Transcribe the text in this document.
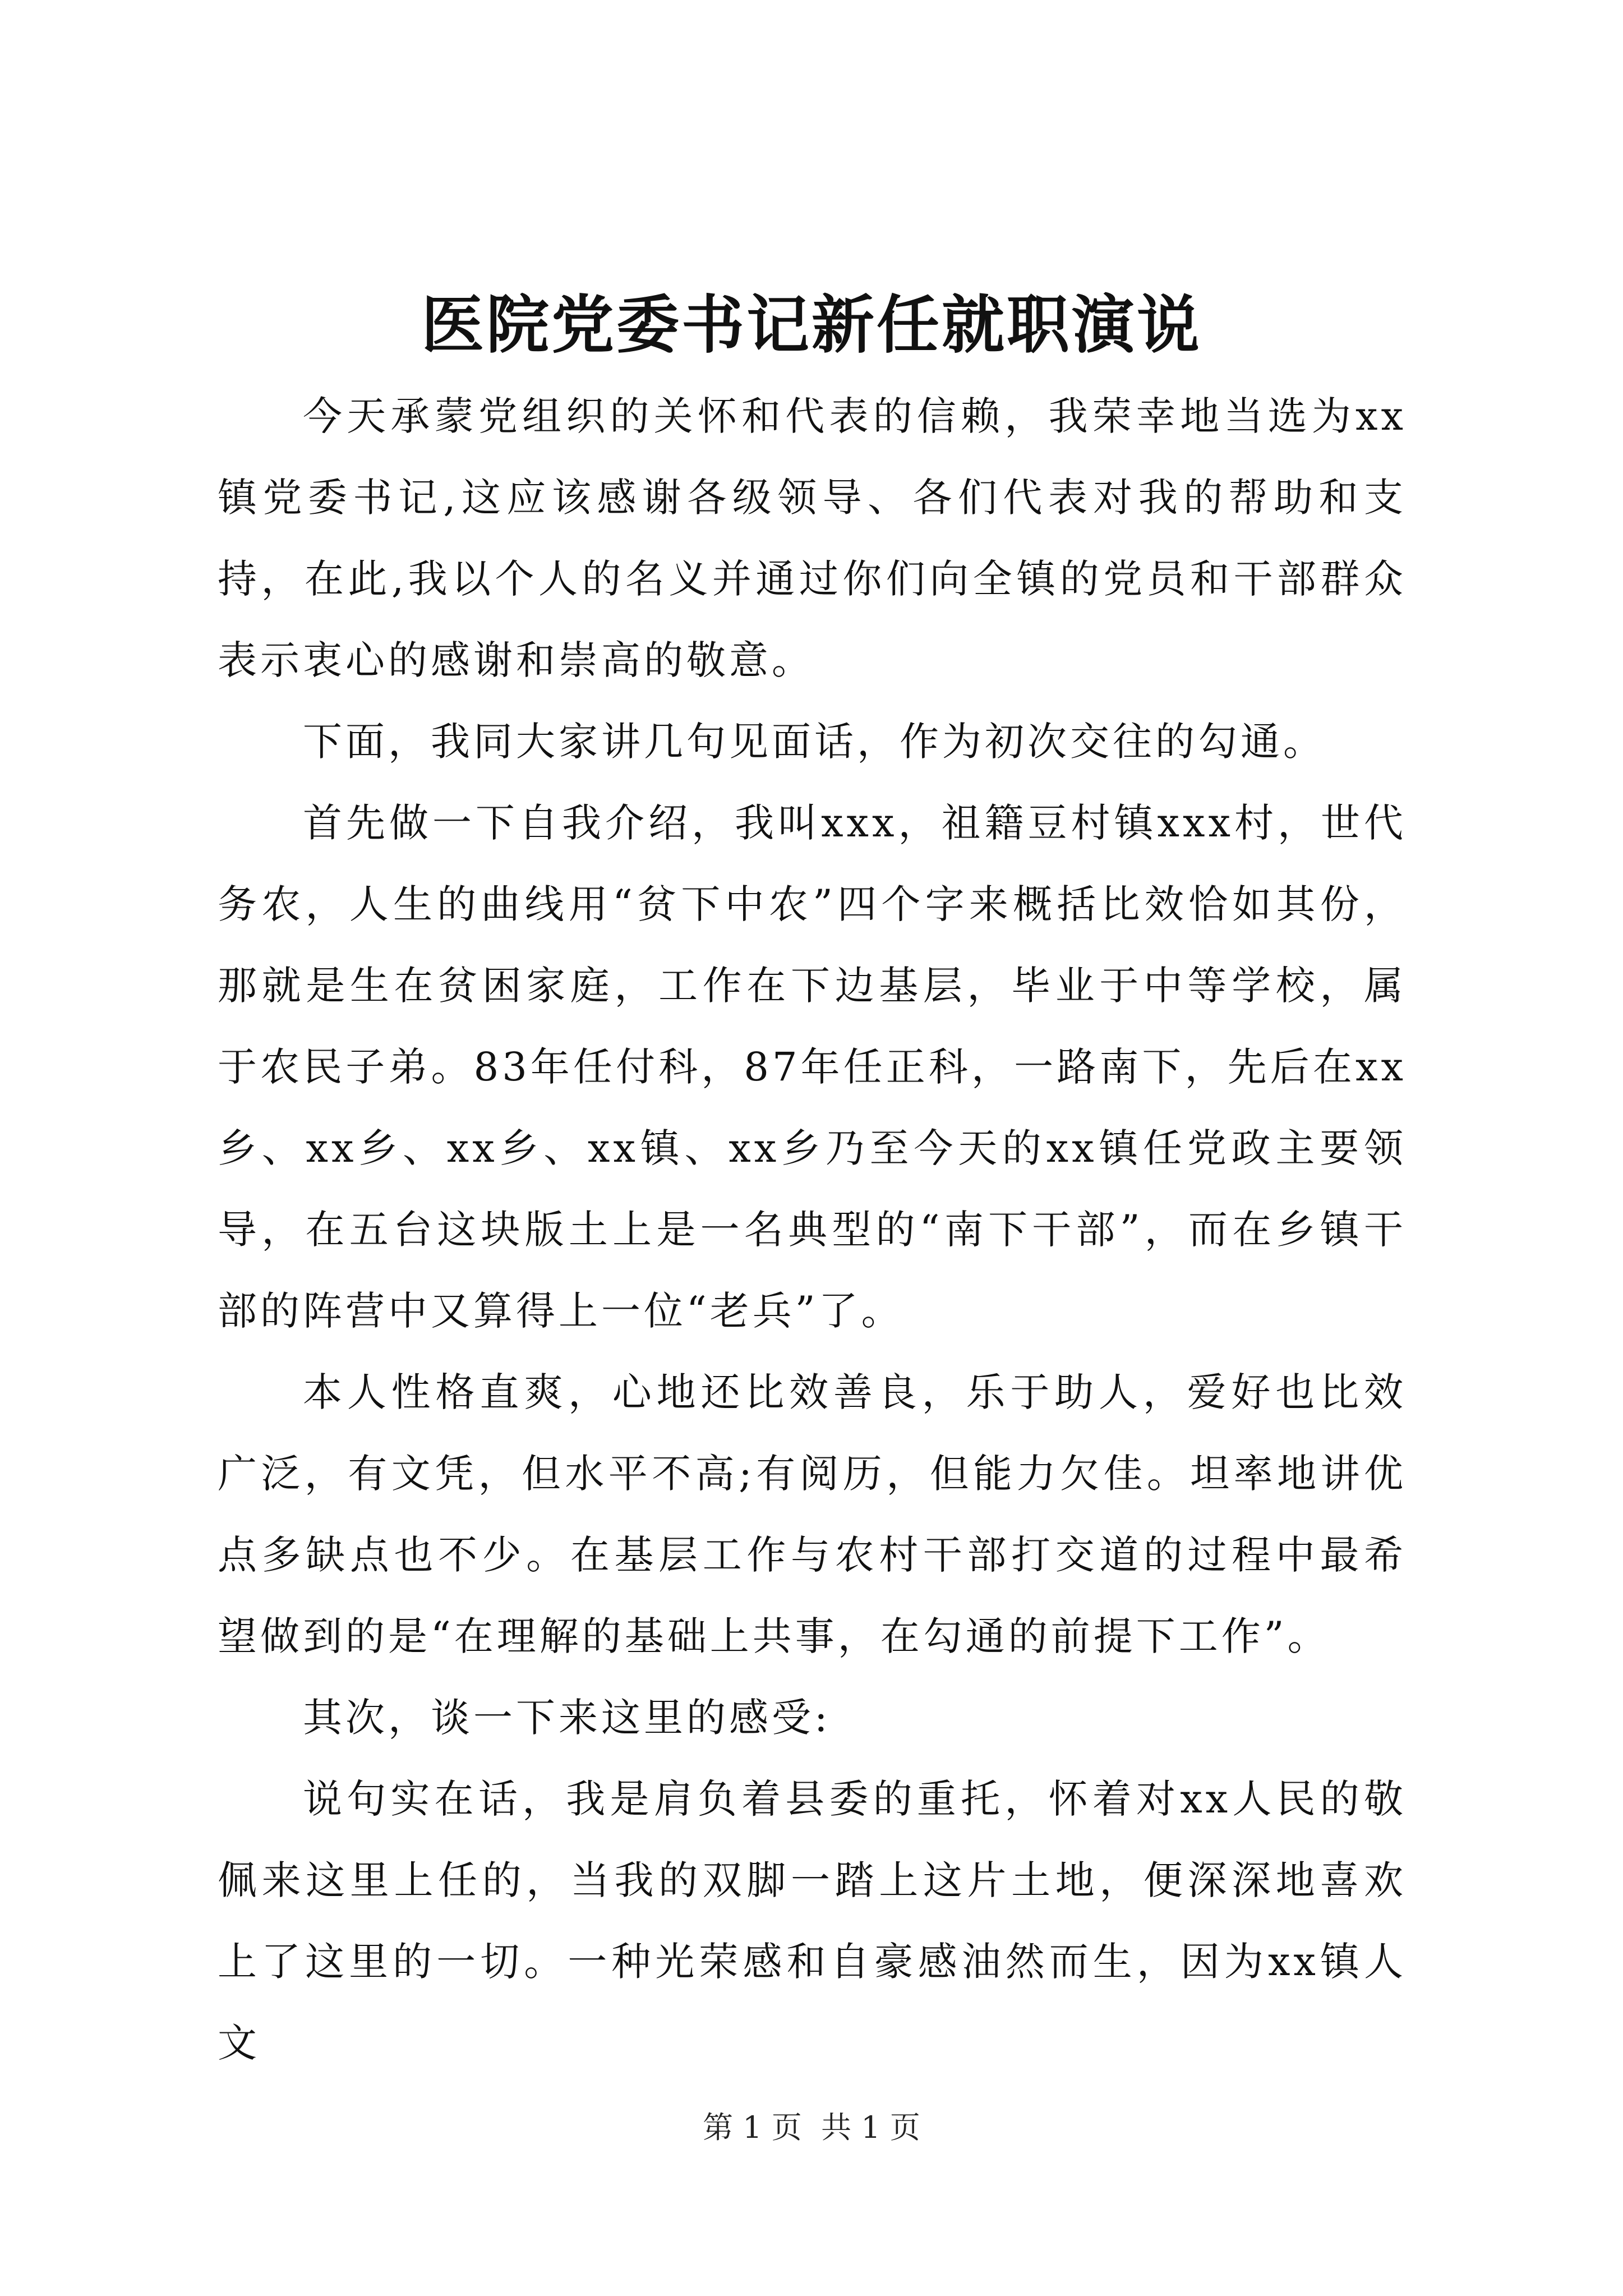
医院党委书记新任就职演说

今天承蒙党组织的关怀和代表的信赖，我荣幸地当选为xx镇党委书记,这应该感谢各级领导、各们代表对我的帮助和支持，在此,我以个人的名义并通过你们向全镇的党员和干部群众表示衷心的感谢和崇高的敬意。

下面，我同大家讲几句见面话，作为初次交往的勾通。

首先做一下自我介绍，我叫xxx，祖籍豆村镇xxx村，世代务农，人生的曲线用“贫下中农”四个字来概括比效恰如其份，那就是生在贫困家庭，工作在下边基层，毕业于中等学校，属于农民子弟。83年任付科，87年任正科，一路南下，先后在xx乡、xx乡、xx乡、xx镇、xx乡乃至今天的xx镇任党政主要领导，在五台这块版土上是一名典型的“南下干部”，而在乡镇干部的阵营中又算得上一位“老兵”了。

本人性格直爽，心地还比效善良，乐于助人，爱好也比效广泛，有文凭，但水平不高;有阅历，但能力欠佳。坦率地讲优点多缺点也不少。在基层工作与农村干部打交道的过程中最希望做到的是“在理解的基础上共事，在勾通的前提下工作”。

其次，谈一下来这里的感受:

说句实在话，我是肩负着县委的重托，怀着对xx人民的敬佩来这里上任的，当我的双脚一踏上这片土地，便深深地喜欢上了这里的一切。一种光荣感和自豪感油然而生，因为xx镇人文

第 1 页  共 1 页
